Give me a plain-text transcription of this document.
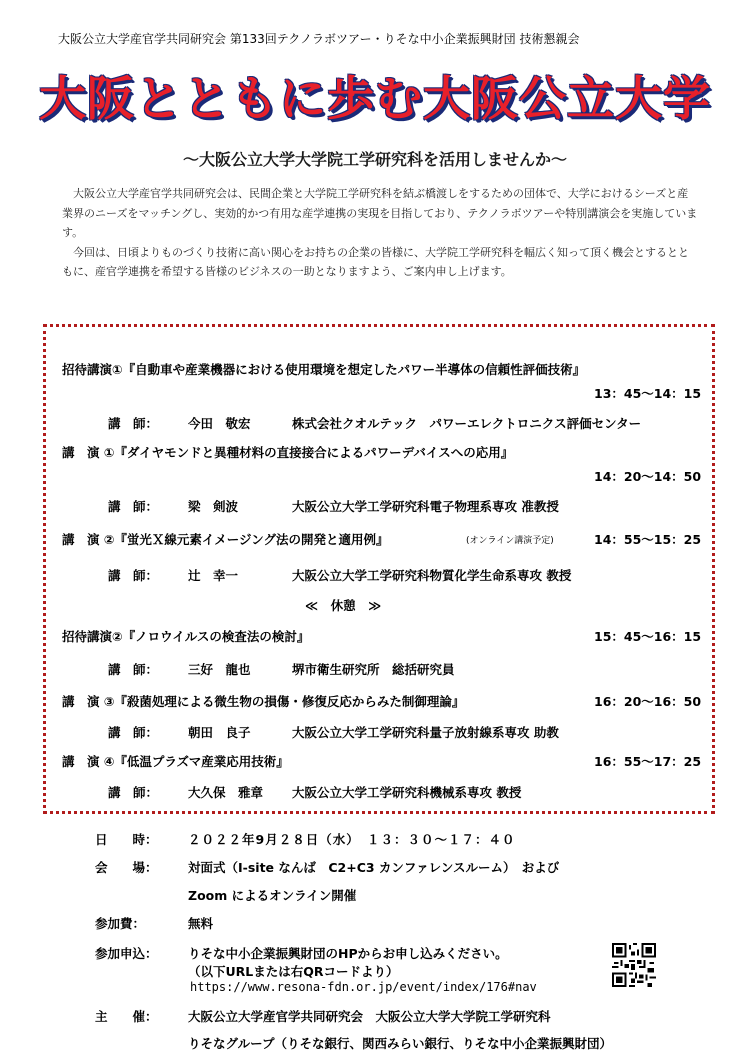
大阪公立大学産官学共同研究会 第133回テクノラボツアー・りそな中小企業振興財団 技術懇親会
大阪とともに歩む大阪公立大学
〜大阪公立大学大学院工学研究科を活用しませんか〜

大阪公立大学産官学共同研究会は、民間企業と大学院工学研究科を結ぶ橋渡しをするための団体で、大学におけるシーズと産業界のニーズをマッチングし、実効的かつ有用な産学連携の実現を目指しており、テクノラボツアーや特別講演会を実施しています。

今回は、日頃よりものづくり技術に高い関心をお持ちの企業の皆様に、大学院工学研究科を幅広く知って頂く機会とするとともに、産官学連携を希望する皆様のビジネスの一助となりますよう、ご案内申し上げます。

招待講演①『自動車や産業機器における使用環境を想定したパワー半導体の信頼性評価技術』
13：45〜14：15
講　師： 今田　敬宏	株式会社クオルテック　パワーエレクトロニクス評価センター
講　演 ①『ダイヤモンドと異種材料の直接接合によるパワーデバイスへの応用』
14：20〜14：50
講　師： 梁　剣波	大阪公立大学工学研究科電子物理系専攻 准教授
講　演 ②『蛍光Ｘ線元素イメージング法の開発と適用例』	(オンライン講演予定)	14：55〜15：25
講　師： 辻　幸一	大阪公立大学工学研究科物質化学生命系専攻 教授
≪　休憩　≫
招待講演②『ノロウイルスの検査法の検討』	15：45〜16：15
講　師： 三好　龍也	堺市衛生研究所　総括研究員
講　演 ③『殺菌処理による微生物の損傷・修復反応からみた制御理論』	16：20〜16：50
講　師： 朝田　良子	大阪公立大学工学研究科量子放射線系専攻 助教
講　演 ④『低温プラズマ産業応用技術』	16：55〜17：25
講　師： 大久保　雅章 大阪公立大学工学研究科機械系専攻 教授
日　　時： ２０２２年9月２８日（水）　１３：３０〜１７：４０
会　　場： 対面式（I-site なんば　C2+C3 カンファレンスルーム）　および
Zoom によるオンライン開催
参加費：	無料
参加申込： りそな中小企業振興財団のHPからお申し込みください。
（以下URLまたは右QRコードより）
https://www.resona-fdn.or.jp/event/index/176#nav
主　　催： 大阪公立大学産官学共同研究会　大阪公立大学大学院工学研究科
りそなグループ（りそな銀行、関西みらい銀行、りそな中小企業振興財団）
